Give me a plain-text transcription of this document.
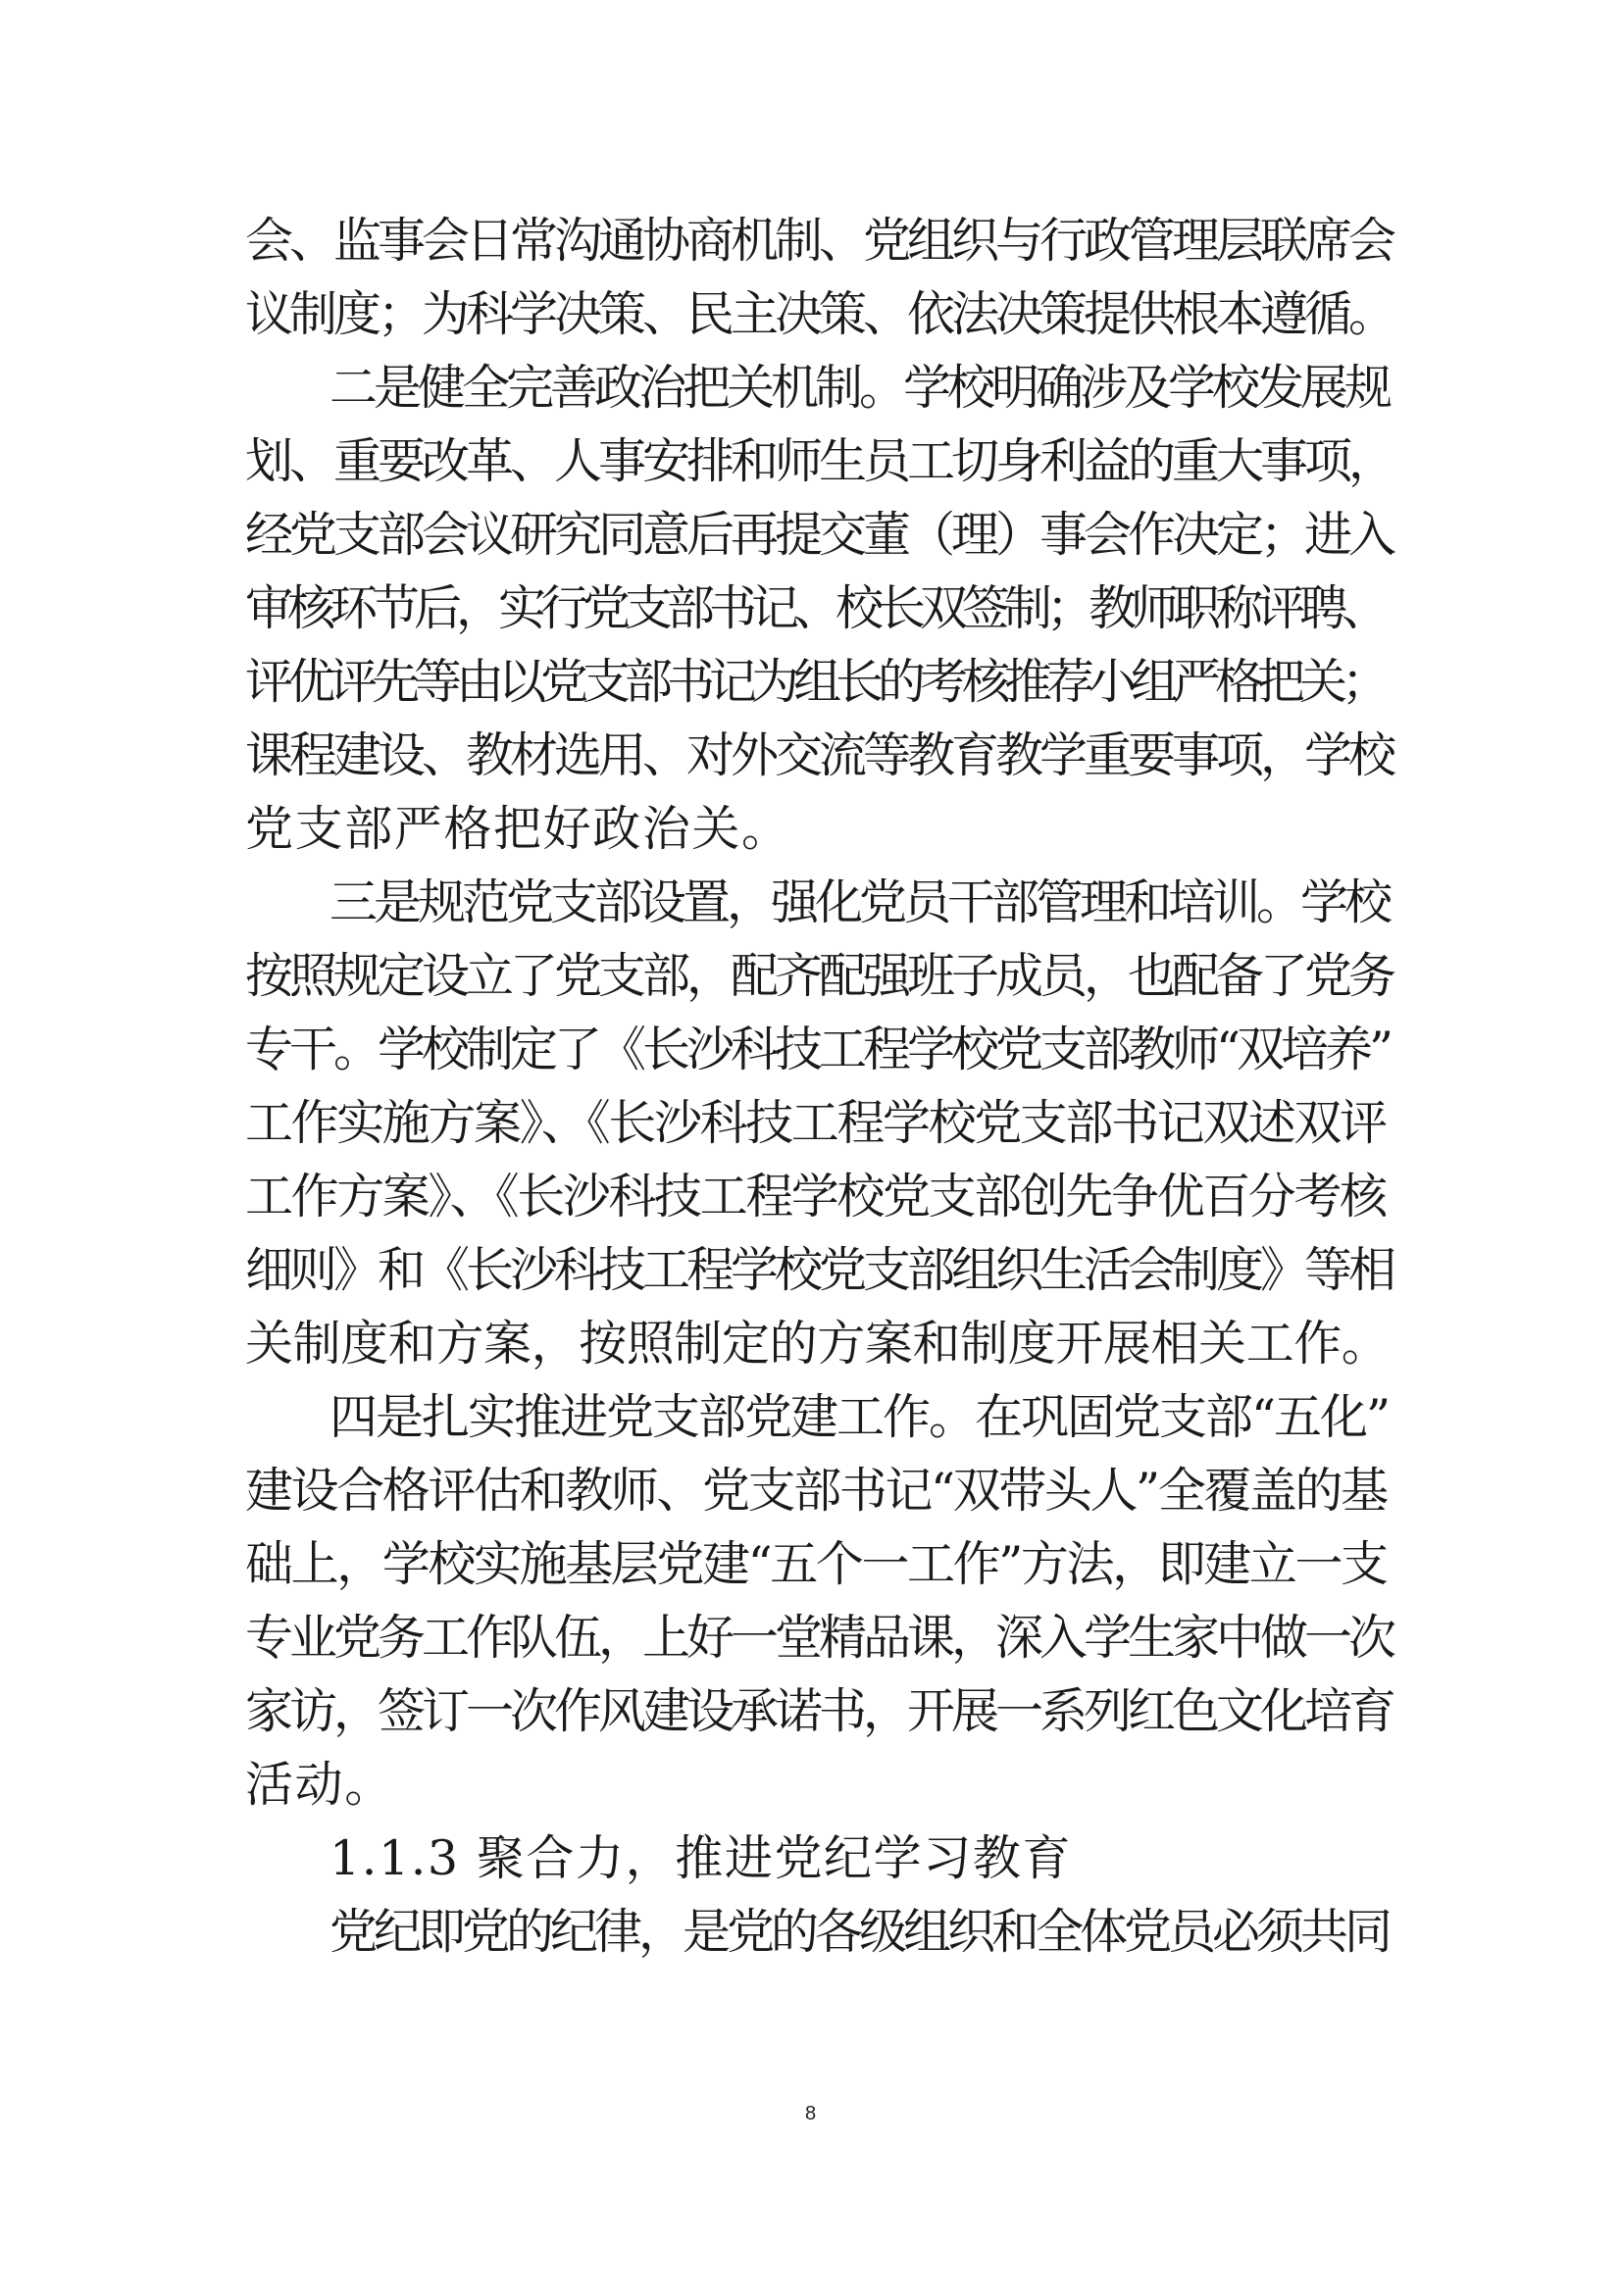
会、监事会日常沟通协商机制、党组织与行政管理层联席会
议制度；为科学决策、民主决策、依法决策提供根本遵循。
二是健全完善政治把关机制。学校明确涉及学校发展规
划、重要改革、人事安排和师生员工切身利益的重大事项，
经党支部会议研究同意后再提交董（理）事会作决定；进入
审核环节后，实行党支部书记、校长双签制；教师职称评聘、
评优评先等由以党支部书记为组长的考核推荐小组严格把关；
课程建设、教材选用、对外交流等教育教学重要事项，学校
党支部严格把好政治关。
三是规范党支部设置，强化党员干部管理和培训。学校
按照规定设立了党支部，配齐配强班子成员，也配备了党务
专干。学校制定了《长沙科技工程学校党支部教师“双培养”
工作实施方案》、《长沙科技工程学校党支部书记双述双评
工作方案》、《长沙科技工程学校党支部创先争优百分考核
细则》和《长沙科技工程学校党支部组织生活会制度》等相
关制度和方案，按照制定的方案和制度开展相关工作。
四是扎实推进党支部党建工作。在巩固党支部“五化”
建设合格评估和教师、党支部书记“双带头人”全覆盖的基
础上，学校实施基层党建“五个一工作”方法，即建立一支
专业党务工作队伍，上好一堂精品课，深入学生家中做一次
家访，签订一次作风建设承诺书，开展一系列红色文化培育
活动。
1.1.3 聚合力，推进党纪学习教育
党纪即党的纪律，是党的各级组织和全体党员必须共同
8
